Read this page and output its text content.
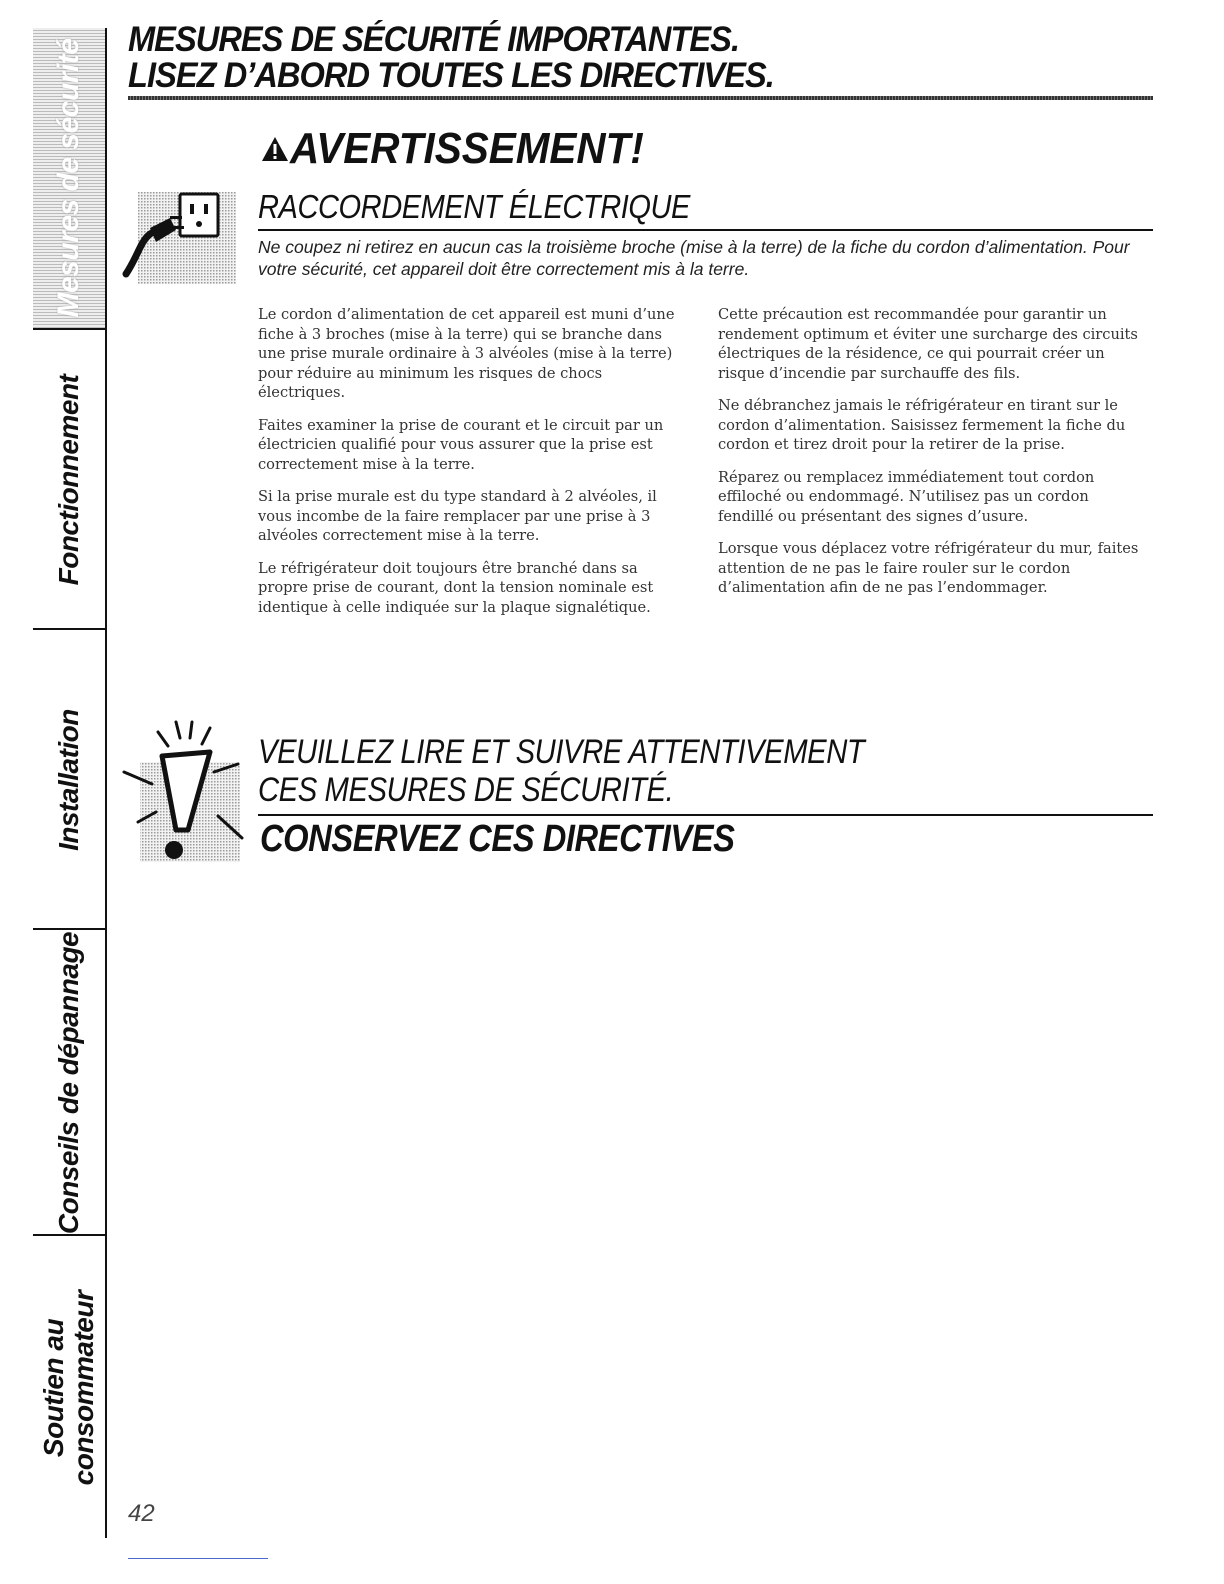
Mesures de sécurité
Fonctionnement
Installation
Conseils de dépannage
Soutien au consommateur
MESURES DE SÉCURITÉ IMPORTANTES.
LISEZ D’ABORD TOUTES LES DIRECTIVES.
AVERTISSEMENT!
RACCORDEMENT ÉLECTRIQUE
Ne coupez ni retirez en aucun cas la troisième broche (mise à la terre) de la fiche du cordon d’alimentation. Pour votre sécurité, cet appareil doit être correctement mis à la terre.

Le cordon d’alimentation de cet appareil est muni d’une fiche à 3 broches (mise à la terre) qui se branche dans une prise murale ordinaire à 3 alvéoles (mise à la terre) pour réduire au minimum les risques de chocs électriques.

Faites examiner la prise de courant et le circuit par un électricien qualifié pour vous assurer que la prise est correctement mise à la terre.

Si la prise murale est du type standard à 2 alvéoles, il vous incombe de la faire remplacer par une prise à 3 alvéoles correctement mise à la terre.

Le réfrigérateur doit toujours être branché dans sa propre prise de courant, dont la tension nominale est identique à celle indiquée sur la plaque signalétique.

Cette précaution est recommandée pour garantir un rendement optimum et éviter une surcharge des circuits électriques de la résidence, ce qui pourrait créer un risque d’incendie par surchauffe des fils.

Ne débranchez jamais le réfrigérateur en tirant sur le cordon d’alimentation. Saisissez fermement la fiche du cordon et tirez droit pour la retirer de la prise.

Réparez ou remplacez immédiatement tout cordon effiloché ou endommagé. N’utilisez pas un cordon fendillé ou présentant des signes d’usure.

Lorsque vous déplacez votre réfrigérateur du mur, faites attention de ne pas le faire rouler sur le cordon d’alimentation afin de ne pas l’endommager.

VEUILLEZ LIRE ET SUIVRE ATTENTIVEMENT
CES MESURES DE SÉCURITÉ.
CONSERVEZ CES DIRECTIVES
42
